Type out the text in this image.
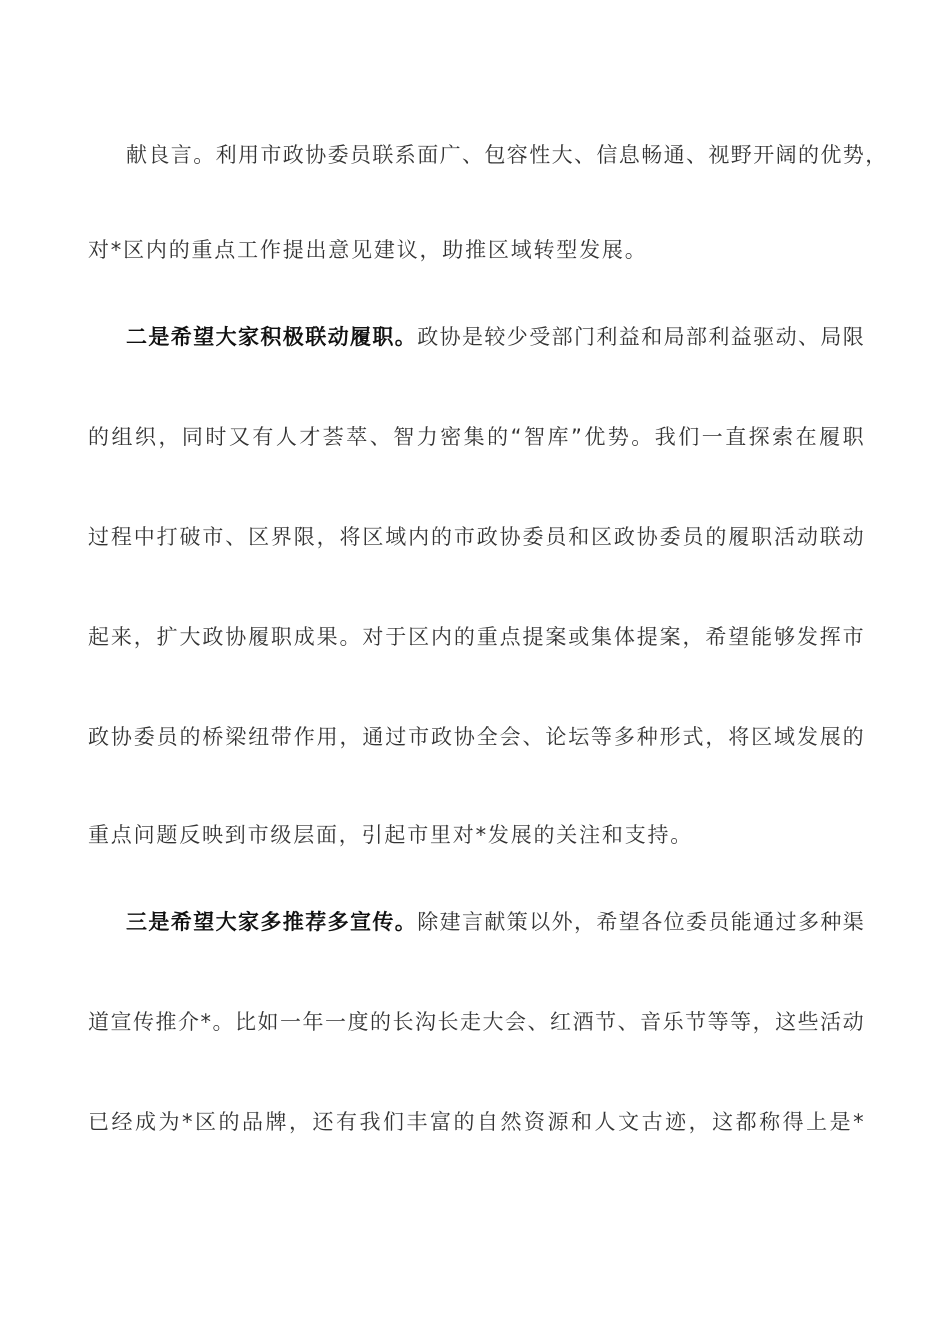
献良言。利用市政协委员联系面广、包容性大、信息畅通、视野开阔的优势，
对*区内的重点工作提出意见建议，助推区域转型发展。
二是希望大家积极联动履职。政协是较少受部门利益和局部利益驱动、局限
的组织，同时又有人才荟萃、智力密集的“智库”优势。我们一直探索在履职
过程中打破市、区界限，将区域内的市政协委员和区政协委员的履职活动联动
起来，扩大政协履职成果。对于区内的重点提案或集体提案，希望能够发挥市
政协委员的桥梁纽带作用，通过市政协全会、论坛等多种形式，将区域发展的
重点问题反映到市级层面，引起市里对*发展的关注和支持。
三是希望大家多推荐多宣传。除建言献策以外，希望各位委员能通过多种渠
道宣传推介*。比如一年一度的长沟长走大会、红酒节、音乐节等等，这些活动
已经成为*区的品牌，还有我们丰富的自然资源和人文古迹，这都称得上是*
